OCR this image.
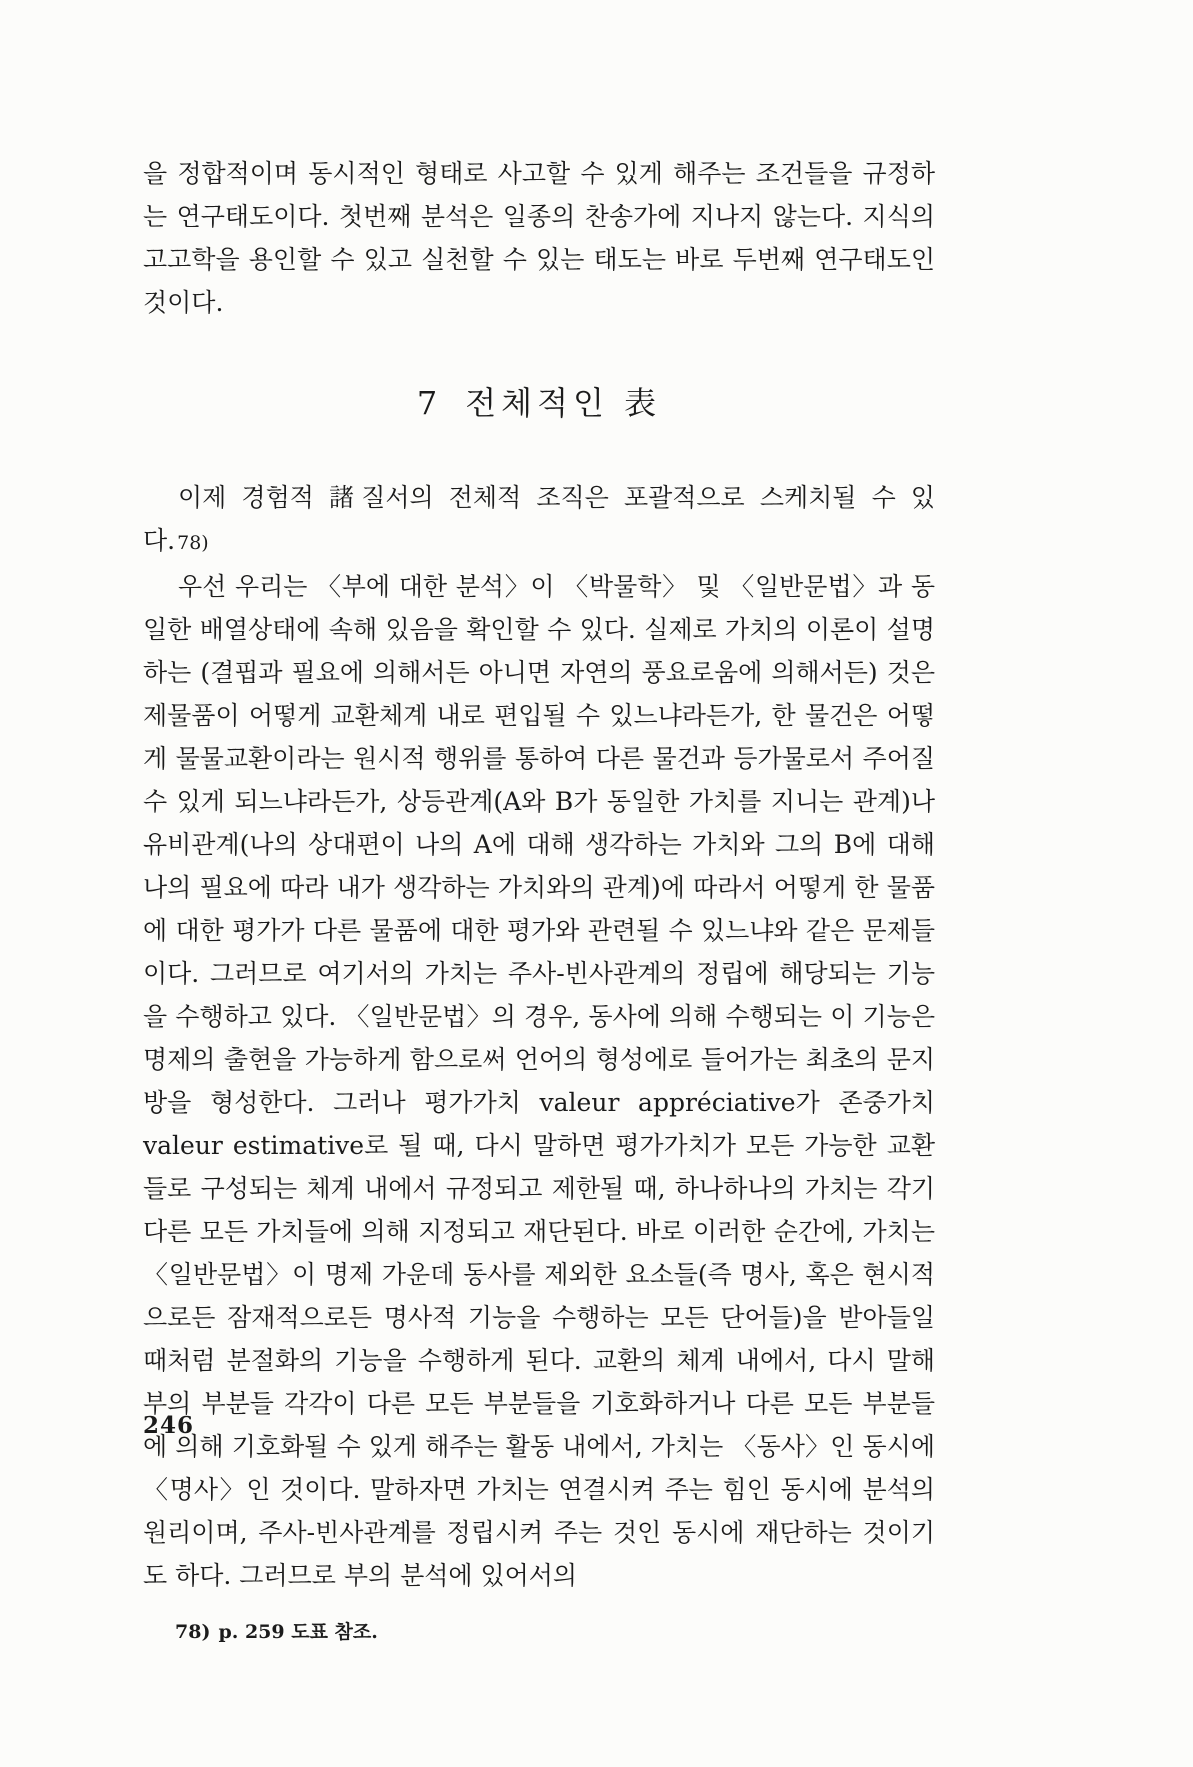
을 정합적이며 동시적인 형태로 사고할 수 있게 해주는 조건들을 규정하는 연구태도이다. 첫번째 분석은 일종의 찬송가에 지나지 않는다. 지식의 고고학을 용인할 수 있고 실천할 수 있는 태도는 바로 두번째 연구태도인 것이다.

7 전체적인 表

이제 경험적 諸질서의 전체적 조직은 포괄적으로 스케치될 수 있다. 78)

우선 우리는 〈부에 대한 분석〉이 〈박물학〉 및 〈일반문법〉과 동일한 배열상태에 속해 있음을 확인할 수 있다. 실제로 가치의 이론이 설명하는 (결핍과 필요에 의해서든 아니면 자연의 풍요로움에 의해서든) 것은 제물품이 어떻게 교환체계 내로 편입될 수 있느냐라든가, 한 물건은 어떻게 물물교환이라는 원시적 행위를 통하여 다른 물건과 등가물로서 주어질 수 있게 되느냐라든가, 상등관계(A와 B가 동일한 가치를 지니는 관계)나 유비관계(나의 상대편이 나의 A에 대해 생각하는 가치와 그의 B에 대해 나의 필요에 따라 내가 생각하는 가치와의 관계)에 따라서 어떻게 한 물품에 대한 평가가 다른 물품에 대한 평가와 관련될 수 있느냐와 같은 문제들이다. 그러므로 여기서의 가치는 주사-빈사관계의 정립에 해당되는 기능을 수행하고 있다. 〈일반문법〉의 경우, 동사에 의해 수행되는 이 기능은 명제의 출현을 가능하게 함으로써 언어의 형성에로 들어가는 최초의 문지방을 형성한다. 그러나 평가가치 valeur appréciative가 존중가치 valeur estimative로 될 때, 다시 말하면 평가가치가 모든 가능한 교환들로 구성되는 체계 내에서 규정되고 제한될 때, 하나하나의 가치는 각기 다른 모든 가치들에 의해 지정되고 재단된다. 바로 이러한 순간에, 가치는 〈일반문법〉이 명제 가운데 동사를 제외한 요소들(즉 명사, 혹은 현시적으로든 잠재적으로든 명사적 기능을 수행하는 모든 단어들)을 받아들일 때처럼 분절화의 기능을 수행하게 된다. 교환의 체계 내에서, 다시 말해 부의 부분들 각각이 다른 모든 부분들을 기호화하거나 다른 모든 부분들에 의해 기호화될 수 있게 해주는 활동 내에서, 가치는 〈동사〉인 동시에 〈명사〉인 것이다. 말하자면 가치는 연결시켜 주는 힘인 동시에 분석의 원리이며, 주사-빈사관계를 정립시켜 주는 것인 동시에 재단하는 것이기도 하다. 그러므로 부의 분석에 있어서의

78) p. 259 도표 참조.

246
